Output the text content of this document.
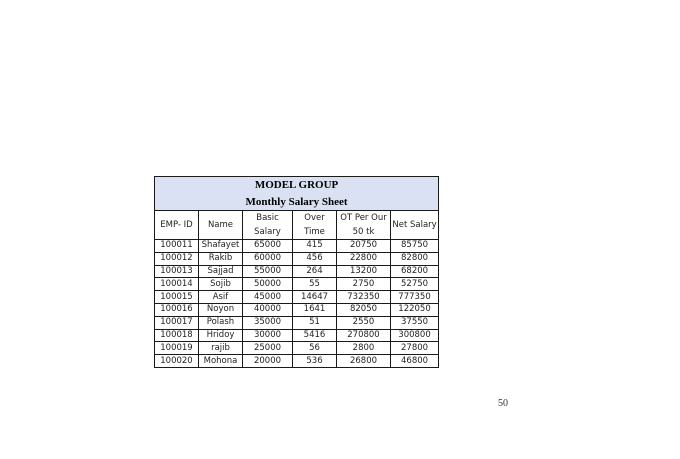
MODEL GROUP					
Monthly Salary Sheet					
EMP- ID	Name	Basic Salary	Over Time	OT Per Our 50 tk	Net Salary
100011	Shafayet	65000	415	20750	85750
100012	Rakib	60000	456	22800	82800
100013	Sajjad	55000	264	13200	68200
100014	Sojib	50000	55	2750	52750
100015	Asif	45000	14647	732350	777350
100016	Noyon	40000	1641	82050	122050
100017	Polash	35000	51	2550	37550
100018	Hridoy	30000	5416	270800	300800
100019	rajib	25000	56	2800	27800
100020	Mohona	20000	536	26800	46800
50
